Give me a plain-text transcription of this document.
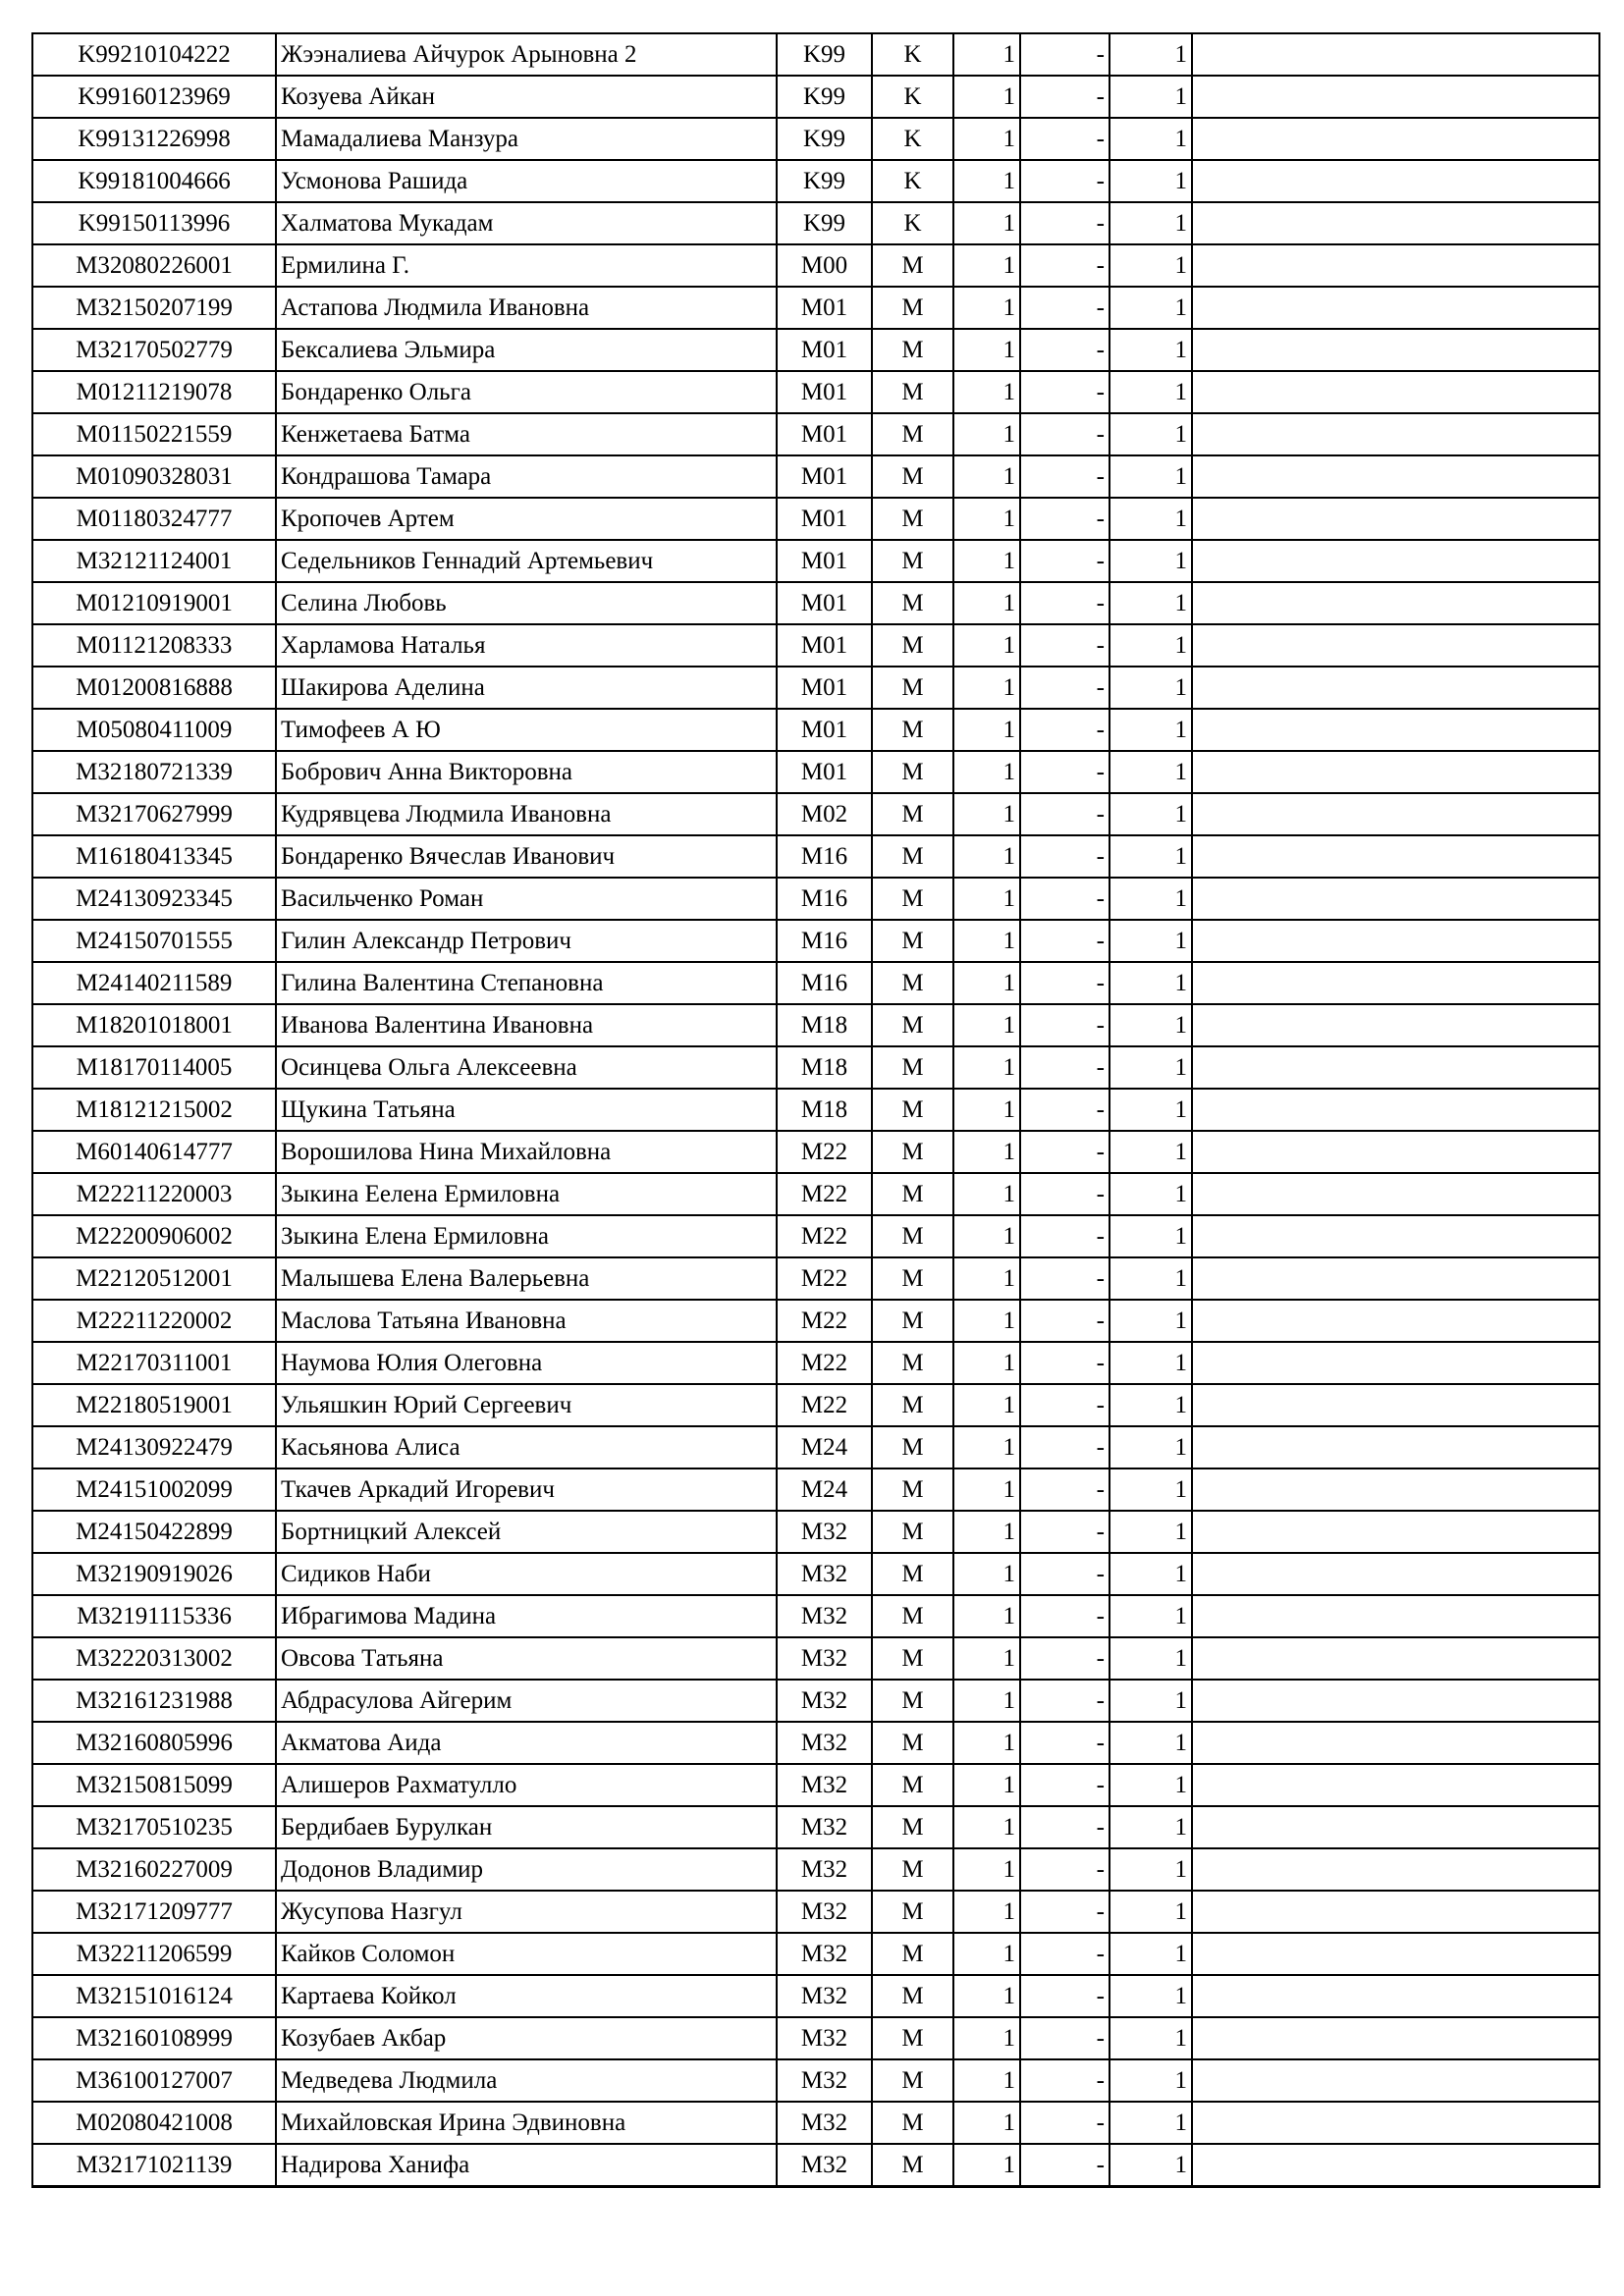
K99210104222	Жээналиева Айчурок Арыновна 2	K99	K	1	-	1	
K99160123969	Козуева Айкан	K99	K	1	-	1	
K99131226998	Мамадалиева Манзура	K99	K	1	-	1	
K99181004666	Усмонова Рашида	K99	K	1	-	1	
K99150113996	Халматова Мукадам	K99	K	1	-	1	
M32080226001	Ермилина Г.	M00	M	1	-	1	
M32150207199	Астапова Людмила Ивановна	M01	M	1	-	1	
M32170502779	Бексалиева Эльмира	M01	M	1	-	1	
M01211219078	Бондаренко Ольга	M01	M	1	-	1	
M01150221559	Кенжетаева Батма	M01	M	1	-	1	
M01090328031	Кондрашова Тамара	M01	M	1	-	1	
M01180324777	Кропочев Артем	M01	M	1	-	1	
M32121124001	Седельников Геннадий Артемьевич	M01	M	1	-	1	
M01210919001	Селина Любовь	M01	M	1	-	1	
M01121208333	Харламова Наталья	M01	M	1	-	1	
M01200816888	Шакирова Аделина	M01	M	1	-	1	
M05080411009	Тимофеев А Ю	M01	M	1	-	1	
M32180721339	Бобрович Анна Викторовна	M01	M	1	-	1	
M32170627999	Кудрявцева Людмила Ивановна	M02	M	1	-	1	
M16180413345	Бондаренко Вячеслав Иванович	M16	M	1	-	1	
M24130923345	Васильченко Роман	M16	M	1	-	1	
M24150701555	Гилин Александр Петрович	M16	M	1	-	1	
M24140211589	Гилина Валентина Степановна	M16	M	1	-	1	
M18201018001	Иванова Валентина Ивановна	M18	M	1	-	1	
M18170114005	Осинцева Ольга Алексеевна	M18	M	1	-	1	
M18121215002	Щукина Татьяна	M18	M	1	-	1	
M60140614777	Ворошилова Нина Михайловна	M22	M	1	-	1	
M22211220003	Зыкина Еелена Ермиловна	M22	M	1	-	1	
M22200906002	Зыкина Елена Ермиловна	M22	M	1	-	1	
M22120512001	Малышева Елена Валерьевна	M22	M	1	-	1	
M22211220002	Маслова Татьяна Ивановна	M22	M	1	-	1	
M22170311001	Наумова Юлия Олеговна	M22	M	1	-	1	
M22180519001	Ульяшкин Юрий Сергеевич	M22	M	1	-	1	
M24130922479	Касьянова Алиса	M24	M	1	-	1	
M24151002099	Ткачев Аркадий Игоревич	M24	M	1	-	1	
M24150422899	Бортницкий Алексей	M32	M	1	-	1	
M32190919026	Сидиков Наби	M32	M	1	-	1	
M32191115336	Ибрагимова Мадина	M32	M	1	-	1	
M32220313002	Овсова Татьяна	M32	M	1	-	1	
M32161231988	Абдрасулова Айгерим	M32	M	1	-	1	
M32160805996	Акматова Аида	M32	M	1	-	1	
M32150815099	Алишеров Рахматулло	M32	M	1	-	1	
M32170510235	Бердибаев Бурулкан	M32	M	1	-	1	
M32160227009	Додонов Владимир	M32	M	1	-	1	
M32171209777	Жусупова Назгул	M32	M	1	-	1	
M32211206599	Кайков Соломон	M32	M	1	-	1	
M32151016124	Картаева Койкол	M32	M	1	-	1	
M32160108999	Козубаев Акбар	M32	M	1	-	1	
M36100127007	Медведева Людмила	M32	M	1	-	1	
M02080421008	Михайловская Ирина Эдвиновна	M32	M	1	-	1	
M32171021139	Надирова Ханифа	M32	M	1	-	1	
